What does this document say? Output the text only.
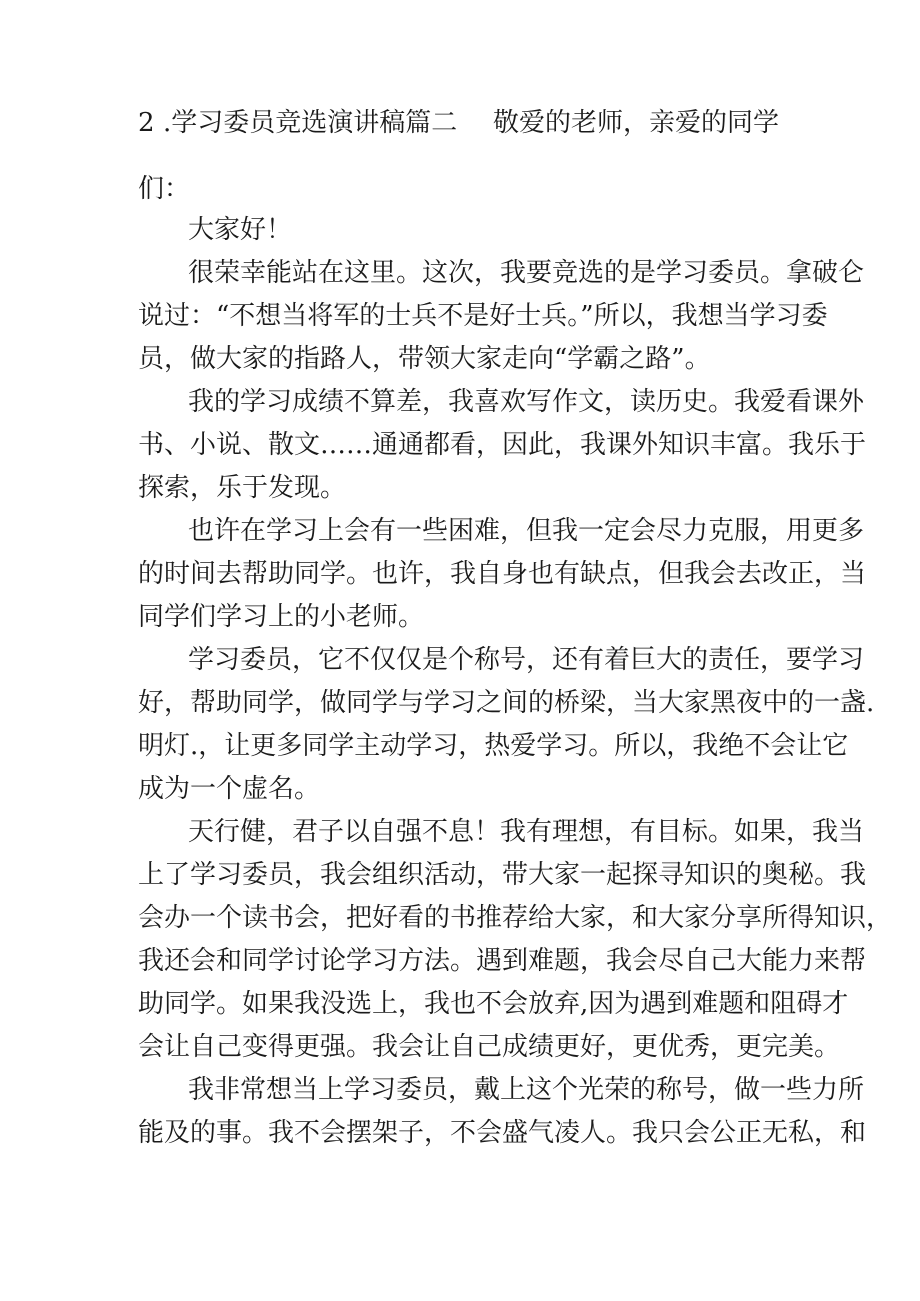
2 .学习委员竞选演讲稿篇二 敬爱的老师，亲爱的同学
们：
大家好！
很荣幸能站在这里。这次，我要竞选的是学习委员。拿破仑
说过：“不想当将军的士兵不是好士兵。”所以，我想当学习委
员，做大家的指路人，带领大家走向“学霸之路”。
我的学习成绩不算差，我喜欢写作文，读历史。我爱看课外
书、小说、散文……通通都看，因此，我课外知识丰富。我乐于
探索，乐于发现。
也许在学习上会有一些困难，但我一定会尽力克服，用更多
的时间去帮助同学。也许，我自身也有缺点，但我会去改正，当
同学们学习上的小老师。
学习委员，它不仅仅是个称号，还有着巨大的责任，要学习
好，帮助同学，做同学与学习之间的桥梁，当大家黑夜中的一盏.
明灯.，让更多同学主动学习，热爱学习。所以，我绝不会让它
成为一个虚名。
天行健，君子以自强不息！我有理想，有目标。如果，我当
上了学习委员，我会组织活动，带大家一起探寻知识的奥秘。我
会办一个读书会，把好看的书推荐给大家，和大家分享所得知识，
我还会和同学讨论学习方法。遇到难题，我会尽自己大能力来帮
助同学。如果我没选上，我也不会放弃,因为遇到难题和阻碍才
会让自己变得更强。我会让自己成绩更好，更优秀，更完美。
我非常想当上学习委员，戴上这个光荣的称号，做一些力所
能及的事。我不会摆架子，不会盛气凌人。我只会公正无私，和
